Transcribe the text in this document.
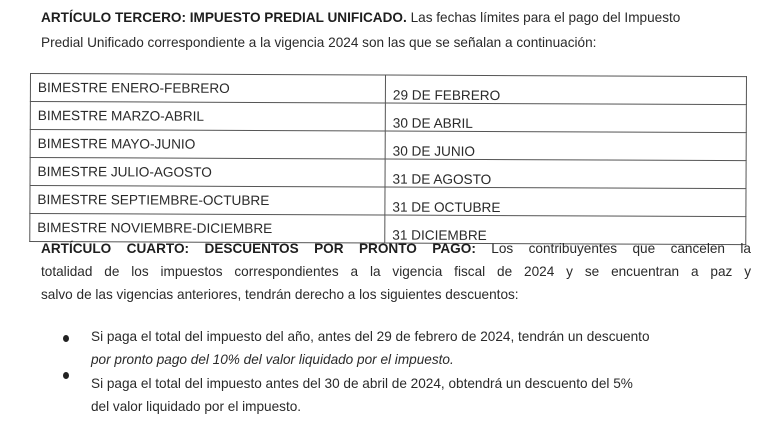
ARTÍCULO TERCERO: IMPUESTO PREDIAL UNIFICADO. Las fechas límites para el pago del Impuesto
Predial Unificado correspondiente a la vigencia 2024 son las que se señalan a continuación:
BIMESTRE ENERO-FEBRERO	29 DE FEBRERO
BIMESTRE MARZO-ABRIL	30 DE ABRIL
BIMESTRE MAYO-JUNIO	30 DE JUNIO
BIMESTRE JULIO-AGOSTO	31 DE AGOSTO
BIMESTRE SEPTIEMBRE-OCTUBRE	31 DE OCTUBRE
BIMESTRE NOVIEMBRE-DICIEMBRE	31 DICIEMBRE
ARTÍCULO CUARTO: DESCUENTOS POR PRONTO PAGO: Los contribuyentes que cancelen la
totalidad de los impuestos correspondientes a la vigencia fiscal de 2024 y se encuentran a paz y
salvo de las vigencias anteriores, tendrán derecho a los siguientes descuentos:
Si paga el total del impuesto del año, antes del 29 de febrero de 2024, tendrán un descuento
por pronto pago del 10% del valor liquidado por el impuesto.
Si paga el total del impuesto antes del 30 de abril de 2024, obtendrá un descuento del 5%
del valor liquidado por el impuesto.
